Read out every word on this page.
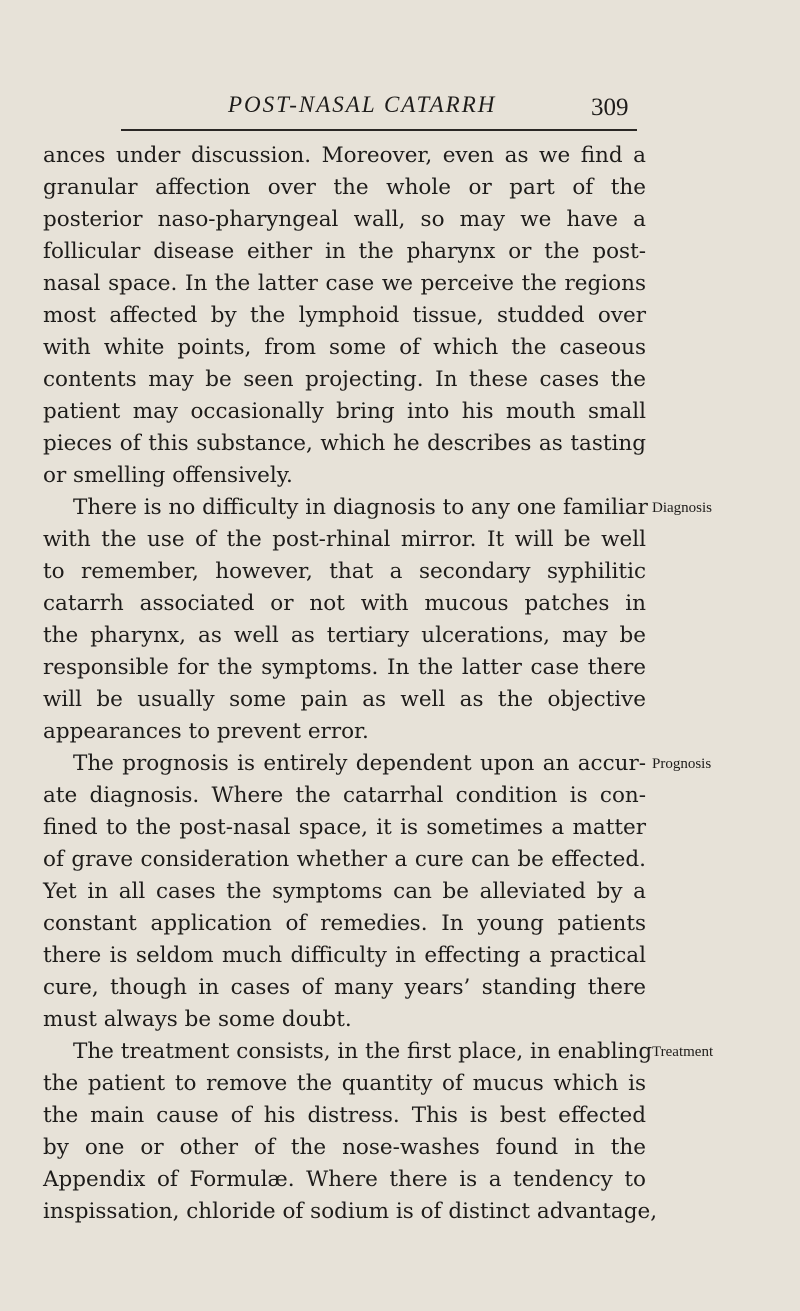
POST-NASAL CATARRH	309
ances under discussion. Moreover, even as we find a
granular affection over the whole or part of the
posterior naso-pharyngeal wall, so may we have a
follicular disease either in the pharynx or the post-
nasal space. In the latter case we perceive the regions
most affected by the lymphoid tissue, studded over
with white points, from some of which the caseous
contents may be seen projecting. In these cases the
patient may occasionally bring into his mouth small
pieces of this substance, which he describes as tasting
or smelling offensively.
There is no difficulty in diagnosis to any one familiar
with the use of the post-rhinal mirror. It will be well
to remember, however, that a secondary syphilitic
catarrh associated or not with mucous patches in
the pharynx, as well as tertiary ulcerations, may be
responsible for the symptoms. In the latter case there
will be usually some pain as well as the objective
appearances to prevent error.
The prognosis is entirely dependent upon an accur-
ate diagnosis. Where the catarrhal condition is con-
fined to the post-nasal space, it is sometimes a matter
of grave consideration whether a cure can be effected.
Yet in all cases the symptoms can be alleviated by a
constant application of remedies. In young patients
there is seldom much difficulty in effecting a practical
cure, though in cases of many years’ standing there
must always be some doubt.
The treatment consists, in the first place, in enabling
the patient to remove the quantity of mucus which is
the main cause of his distress. This is best effected
by one or other of the nose-washes found in the
Appendix of Formulæ. Where there is a tendency to
inspissation, chloride of sodium is of distinct advantage,
Diagnosis
Prognosis
Treatment
